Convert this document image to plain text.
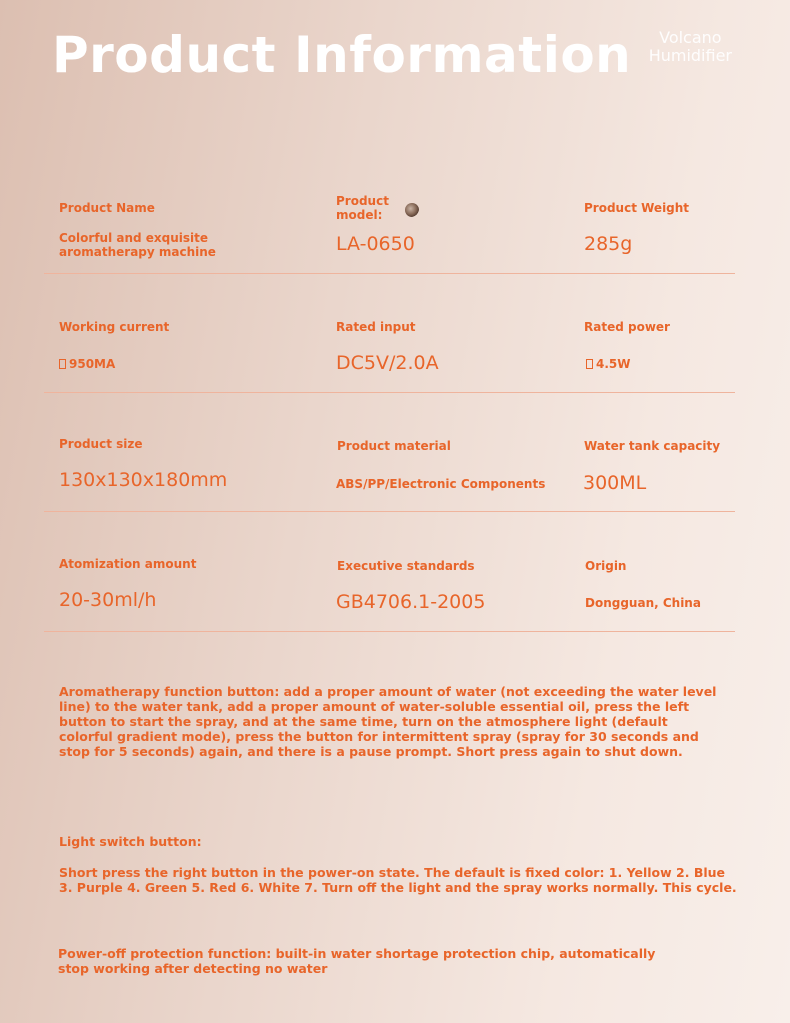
Product Information	Volcano
Humidifier
Product Name
Colorful and exquisite
aromatherapy machine
Product
model:
LA-0650
Product Weight
285g
Working current
950MA
Rated input
DC5V/2.0A
Rated power
4.5W
Product size
130x130x180mm
Product material
ABS/PP/Electronic Components
Water tank capacity
300ML
Atomization amount
20-30ml/h
Executive standards
GB4706.1-2005
Origin
Dongguan, China
Aromatherapy function button: add a proper amount of water (not exceeding the water level line) to the water tank, add a proper amount of water-soluble essential oil, press the left button to start the spray, and at the same time, turn on the atmosphere light (default colorful gradient mode), press the button for intermittent spray (spray for 30 seconds and stop for 5 seconds) again, and there is a pause prompt. Short press again to shut down.
Light switch button:
Short press the right button in the power-on state. The default is fixed color: 1. Yellow 2. Blue 3. Purple 4. Green 5. Red 6. White 7. Turn off the light and the spray works normally. This cycle.
Power-off protection function: built-in water shortage protection chip, automatically stop working after detecting no water
